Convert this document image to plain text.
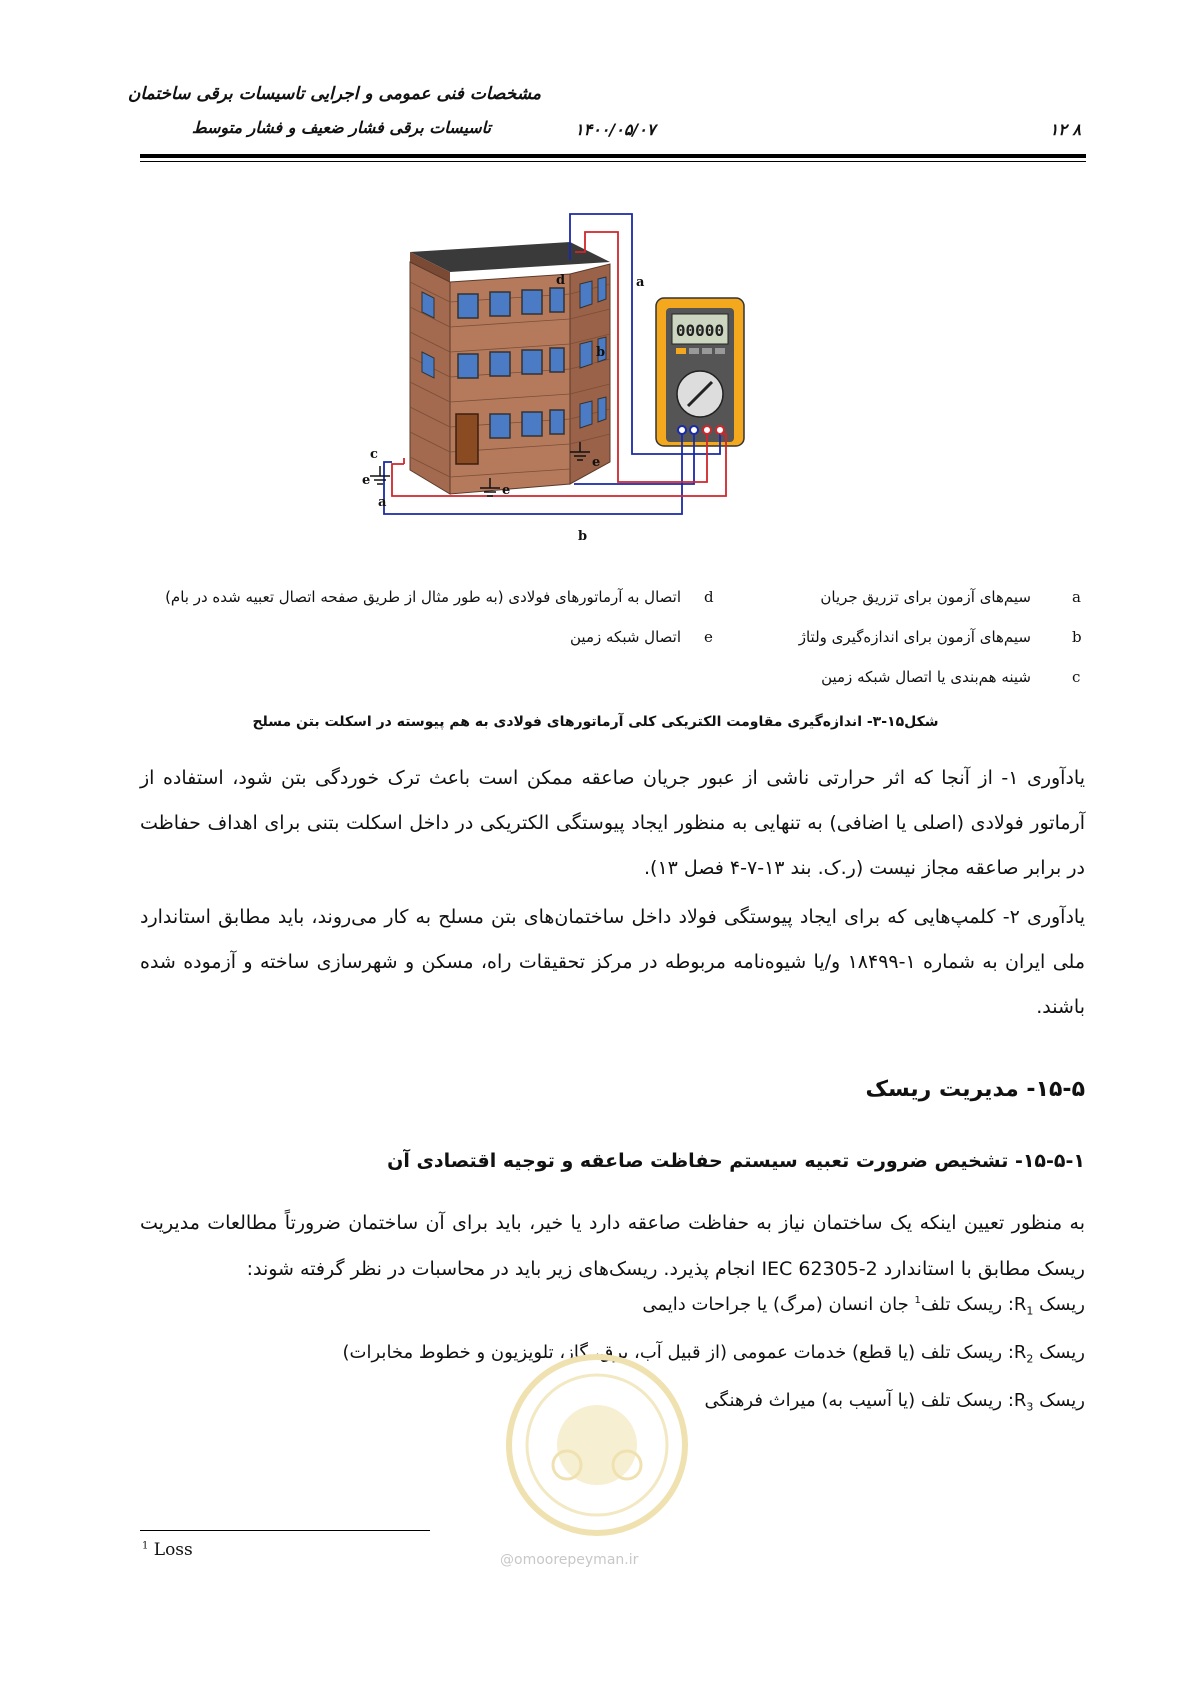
مشخصات فنی عمومی و اجرایی تاسیسات برقی ساختمان
تاسیسات برقی فشار ضعیف و فشار متوسط	۱۴۰۰/۰۵/۰۷	۸ ۱۲
00000
a
b
d
c
e
a
e
e
b
سیم‌های آزمون برای تزریق جریان	a
سیم‌های آزمون برای اندازه‌گیری ولتاژ	b
شینه هم‌بندی یا اتصال شبکه زمین	c
اتصال به آرماتورهای فولادی (به طور مثال از طریق صفحه اتصال تعبیه شده در بام) d
اتصال شبکه زمین e
شکل۱۵-۳- اندازه‌گیری مقاومت الکتریکی کلی آرماتورهای فولادی به هم پیوسته در اسکلت بتن مسلح
یادآوری ۱- از آنجا که اثر حرارتی ناشی از عبور جریان صاعقه ممکن است باعث ترک خوردگی بتن شود، استفاده از آرماتور فولادی (اصلی یا اضافی) به تنهایی به منظور ایجاد پیوستگی الکتریکی در داخل اسکلت بتنی برای اهداف حفاظت در برابر صاعقه مجاز نیست (ر.ک. بند ۱۳-۷-۴ فصل ۱۳).
یادآوری ۲- کلمپ‌هایی که برای ایجاد پیوستگی فولاد داخل ساختمان‌های بتن مسلح به کار می‌روند، باید مطابق استاندارد ملی ایران به شماره ۱-۱۸۴۹۹ و/یا شیوه‌نامه مربوطه در مرکز تحقیقات راه، مسکن و شهرسازی ساخته و آزموده شده باشند.
۱۵-۵- مدیریت ریسک
۱۵-۵-۱- تشخیص ضرورت تعبیه سیستم حفاظت صاعقه و توجیه اقتصادی آن
به منظور تعیین اینکه یک ساختمان نیاز به حفاظت صاعقه دارد یا خیر، باید برای آن ساختمان ضرورتاً مطالعات مدیریت ریسک مطابق با استاندارد IEC 62305-2 انجام پذیرد. ریسک‌های زیر باید در محاسبات در نظر گرفته شوند:
ریسک $R_1$: ریسک تلف$^1$ جان انسان (مرگ) یا جراحات دایمی
ریسک $R_2$: ریسک تلف (یا قطع) خدمات عمومی (از قبیل آب، برق، گاز، تلویزیون و خطوط مخابرات)
ریسک $R_3$: ریسک تلف (یا آسیب به) میراث فرهنگی
@omoorepeyman.ir
$^1$ Loss
